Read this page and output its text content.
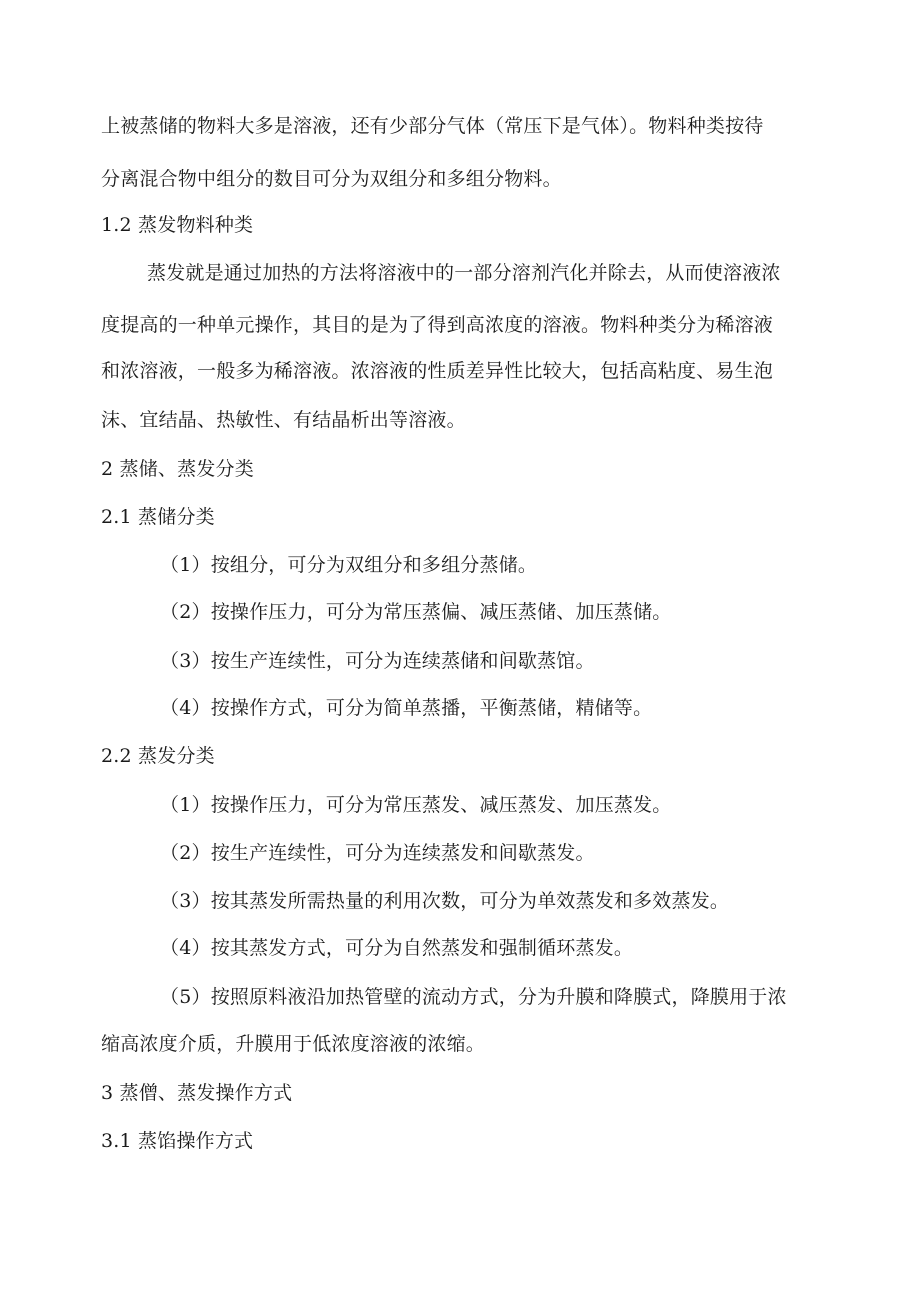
上被蒸储的物料大多是溶液，还有少部分气体（常压下是气体）。物料种类按待
分离混合物中组分的数目可分为双组分和多组分物料。
1.2 蒸发物料种类
蒸发就是通过加热的方法将溶液中的一部分溶剂汽化并除去，从而使溶液浓
度提高的一种单元操作，其目的是为了得到高浓度的溶液。物料种类分为稀溶液
和浓溶液，一般多为稀溶液。浓溶液的性质差异性比较大，包括高粘度、易生泡
沫、宜结晶、热敏性、有结晶析出等溶液。
2 蒸储、蒸发分类
2.1 蒸储分类
（1）按组分，可分为双组分和多组分蒸储。
（2）按操作压力，可分为常压蒸偏、减压蒸储、加压蒸储。
（3）按生产连续性，可分为连续蒸储和间歇蒸馆。
（4）按操作方式，可分为简单蒸播，平衡蒸储，精储等。
2.2 蒸发分类
（1）按操作压力，可分为常压蒸发、减压蒸发、加压蒸发。
（2）按生产连续性，可分为连续蒸发和间歇蒸发。
（3）按其蒸发所需热量的利用次数，可分为单效蒸发和多效蒸发。
（4）按其蒸发方式，可分为自然蒸发和强制循环蒸发。
（5）按照原料液沿加热管壁的流动方式，分为升膜和降膜式，降膜用于浓
缩高浓度介质，升膜用于低浓度溶液的浓缩。
3 蒸僧、蒸发操作方式
3.1 蒸馅操作方式
